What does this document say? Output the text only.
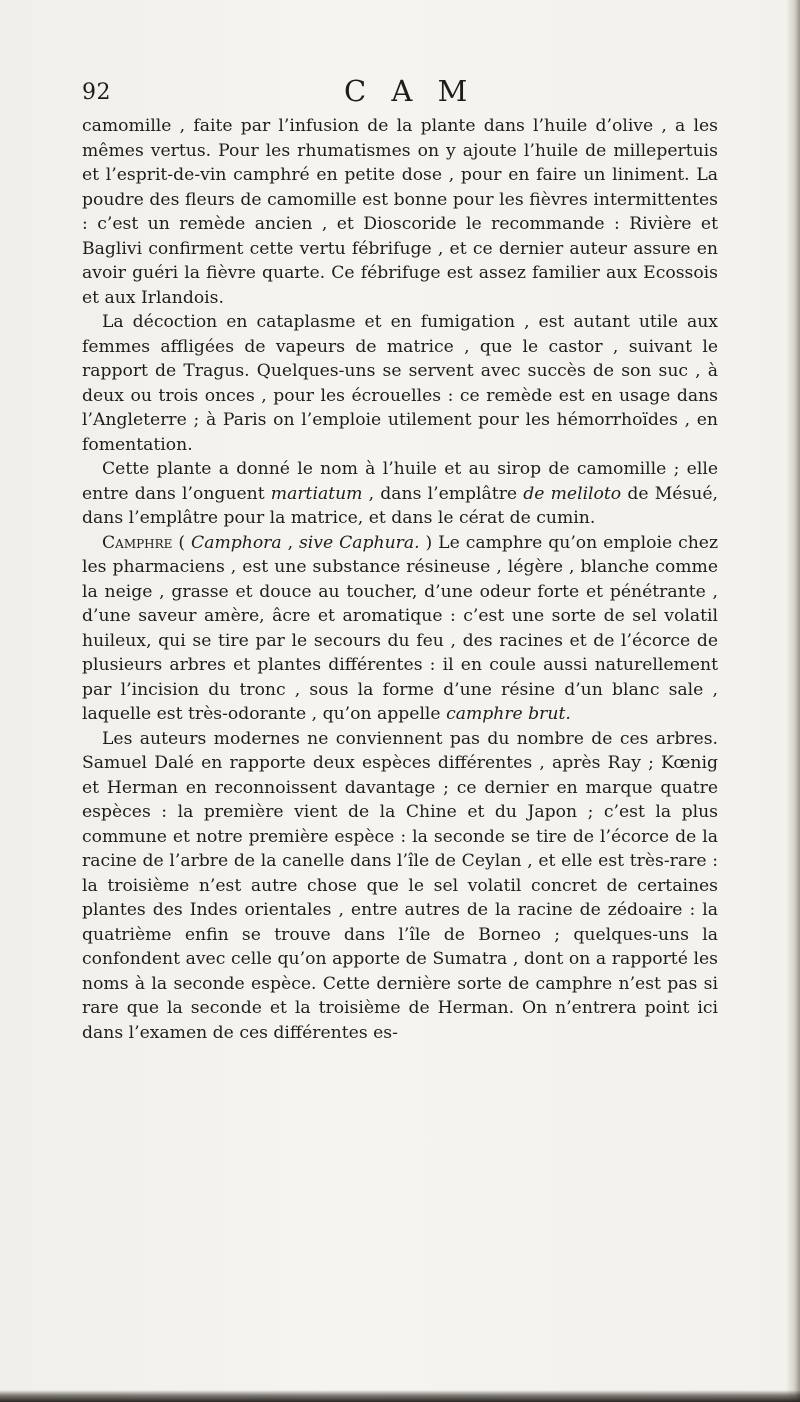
92	C A M

camomille , faite par l’infusion de la plante dans l’huile d’olive , a les mêmes vertus. Pour les rhumatismes on y ajoute l’huile de millepertuis et l’esprit-de-vin camphré en petite dose , pour en faire un liniment. La poudre des fleurs de camomille est bonne pour les fièvres intermittentes : c’est un remède ancien , et Dioscoride le recommande : Rivière et Baglivi confirment cette vertu fébrifuge , et ce dernier auteur assure en avoir guéri la fièvre quarte. Ce fébrifuge est assez familier aux Ecossois et aux Irlandois.

La décoction en cataplasme et en fumigation , est autant utile aux femmes affligées de vapeurs de matrice , que le castor , suivant le rapport de Tragus. Quelques-uns se servent avec succès de son suc , à deux ou trois onces , pour les écrouelles : ce remède est en usage dans l’Angleterre ; à Paris on l’emploie utilement pour les hémorrhoïdes , en fomentation.

Cette plante a donné le nom à l’huile et au sirop de camomille ; elle entre dans l’onguent martiatum , dans l’emplâtre de meliloto de Mésué, dans l’emplâtre pour la matrice, et dans le cérat de cumin.

Camphre ( Camphora , sive Caphura. ) Le camphre qu’on emploie chez les pharmaciens , est une substance résineuse , légère , blanche comme la neige , grasse et douce au toucher, d’une odeur forte et pénétrante , d’une saveur amère, âcre et aromatique : c’est une sorte de sel volatil huileux, qui se tire par le secours du feu , des racines et de l’écorce de plusieurs arbres et plantes différentes : il en coule aussi naturellement par l’incision du tronc , sous la forme d’une résine d’un blanc sale , laquelle est très-odorante , qu’on appelle camphre brut.

Les auteurs modernes ne conviennent pas du nombre de ces arbres. Samuel Dalé en rapporte deux espèces différentes , après Ray ; Kœnig et Herman en reconnoissent davantage ; ce dernier en marque quatre espèces : la première vient de la Chine et du Japon ; c’est la plus commune et notre première espèce : la seconde se tire de l’écorce de la racine de l’arbre de la canelle dans l’île de Ceylan , et elle est très-rare : la troisième n’est autre chose que le sel volatil concret de certaines plantes des Indes orientales , entre autres de la racine de zédoaire : la quatrième enfin se trouve dans l’île de Borneo ; quelques-uns la confondent avec celle qu’on apporte de Sumatra , dont on a rapporté les noms à la seconde espèce. Cette dernière sorte de camphre n’est pas si rare que la seconde et la troisième de Herman. On n’entrera point ici dans l’examen de ces différentes es-
